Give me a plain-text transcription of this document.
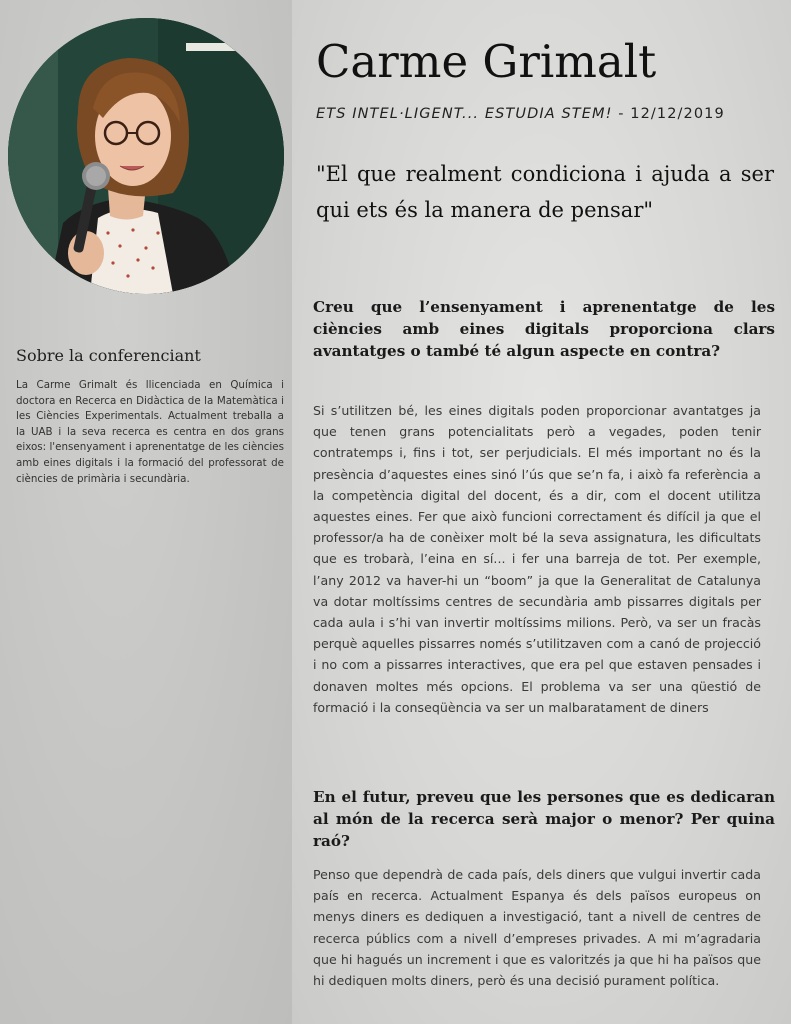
Sobre la conferenciant

La Carme Grimalt és llicenciada en Química i doctora en Recerca en Didàctica de la Matemàtica i les Ciències Experimentals. Actualment treballa a la UAB i la seva recerca es centra en dos grans eixos: l'ensenyament i aprenentatge de les ciències amb eines digitals i la formació del professorat de ciències de primària i secundària.

Carme Grimalt
ETS INTEL·LIGENT... ESTUDIA STEM! - 12/12/2019

"El que realment condiciona i ajuda a ser qui ets és la manera de pensar"

Creu que l’ensenyament i aprenentatge de les ciències amb eines digitals proporciona clars avantatges o també té algun aspecte en contra?

Si s’utilitzen bé, les eines digitals poden proporcionar avantatges ja que tenen grans potencialitats però a vegades, poden tenir contratemps i, fins i tot, ser perjudicials. El més important no és la presència d’aquestes eines sinó l’ús que se’n fa, i això fa referència a la competència digital del docent, és a dir, com el docent utilitza aquestes eines. Fer que això funcioni correctament és difícil ja que el professor/a ha de conèixer molt bé la seva assignatura, les dificultats que es trobarà, l’eina en sí... i fer una barreja de tot. Per exemple, l’any 2012 va haver-hi un “boom” ja que la Generalitat de Catalunya va dotar moltíssims centres de secundària amb pissarres digitals per cada aula i s’hi van invertir moltíssims milions. Però, va ser un fracàs perquè aquelles pissarres només s’utilitzaven com a canó de projecció i no com a pissarres interactives, que era pel que estaven pensades i donaven moltes més opcions. El problema va ser una qüestió de formació i la conseqüència va ser un malbaratament de diners

En el futur, preveu que les persones que es dedicaran al món de la recerca serà major o menor? Per quina raó?

Penso que dependrà de cada país, dels diners que vulgui invertir cada país en recerca. Actualment Espanya és dels països europeus on menys diners es dediquen a investigació, tant a nivell de centres de recerca públics com a nivell d’empreses privades. A mi m’agradaria que hi hagués un increment i que es valoritzés ja que hi ha països que hi dediquen molts diners, però és una decisió purament política.
